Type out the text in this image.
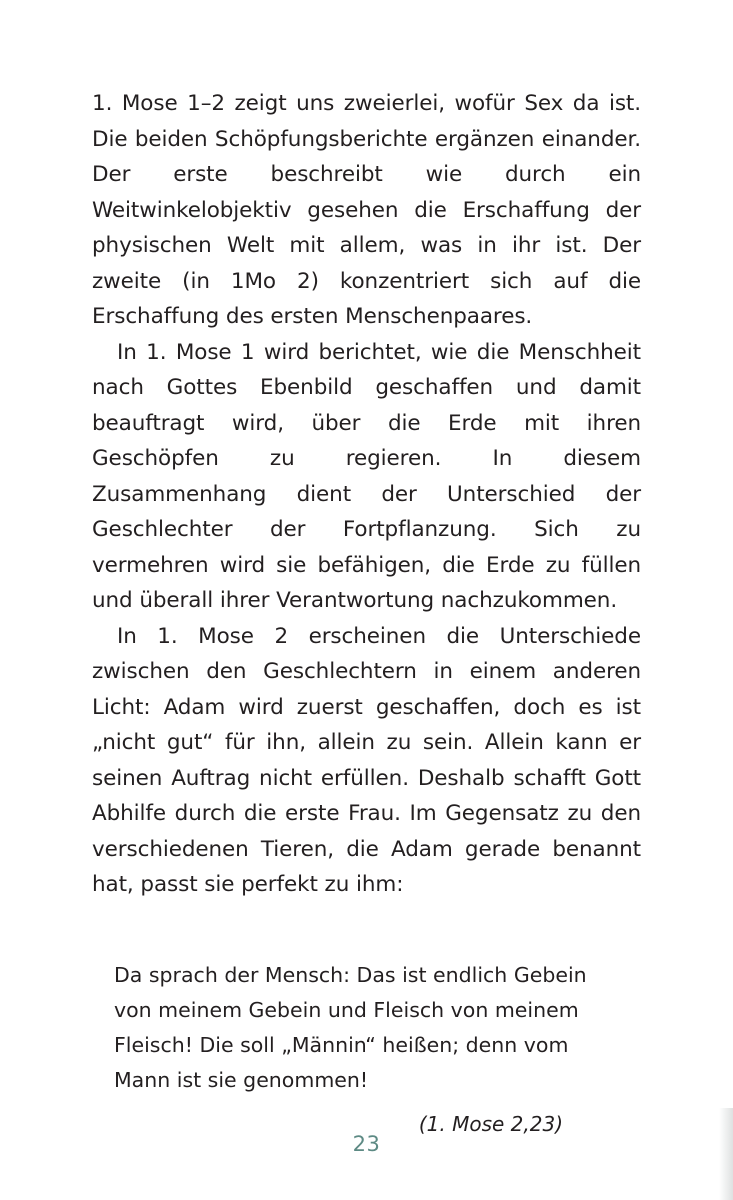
1. Mose 1–2 zeigt uns zweierlei, wofür Sex da ist. Die beiden Schöpfungsberichte ergänzen einander. Der erste beschreibt wie durch ein Weitwinkelobjektiv gesehen die Erschaffung der physischen Welt mit allem, was in ihr ist. Der zweite (in 1Mo 2) konzentriert sich auf die Erschaffung des ersten Menschenpaares.

In 1. Mose 1 wird berichtet, wie die Menschheit nach Gottes Ebenbild geschaffen und damit beauftragt wird, über die Erde mit ihren Geschöpfen zu regieren. In diesem Zusammenhang dient der Unterschied der Geschlechter der Fortpflanzung. Sich zu vermehren wird sie befähigen, die Erde zu füllen und überall ihrer Verantwortung nachzukommen.

In 1. Mose 2 erscheinen die Unterschiede zwischen den Geschlechtern in einem anderen Licht: Adam wird zuerst geschaffen, doch es ist „nicht gut“ für ihn, allein zu sein. Allein kann er seinen Auftrag nicht erfüllen. Deshalb schafft Gott Abhilfe durch die erste Frau. Im Gegensatz zu den verschiedenen Tieren, die Adam gerade benannt hat, passt sie perfekt zu ihm:

Da sprach der Mensch: Das ist endlich Gebein von meinem Gebein und Fleisch von meinem Fleisch! Die soll „Männin“ heißen; denn vom Mann ist sie genommen!

(1. Mose 2,23)
23
